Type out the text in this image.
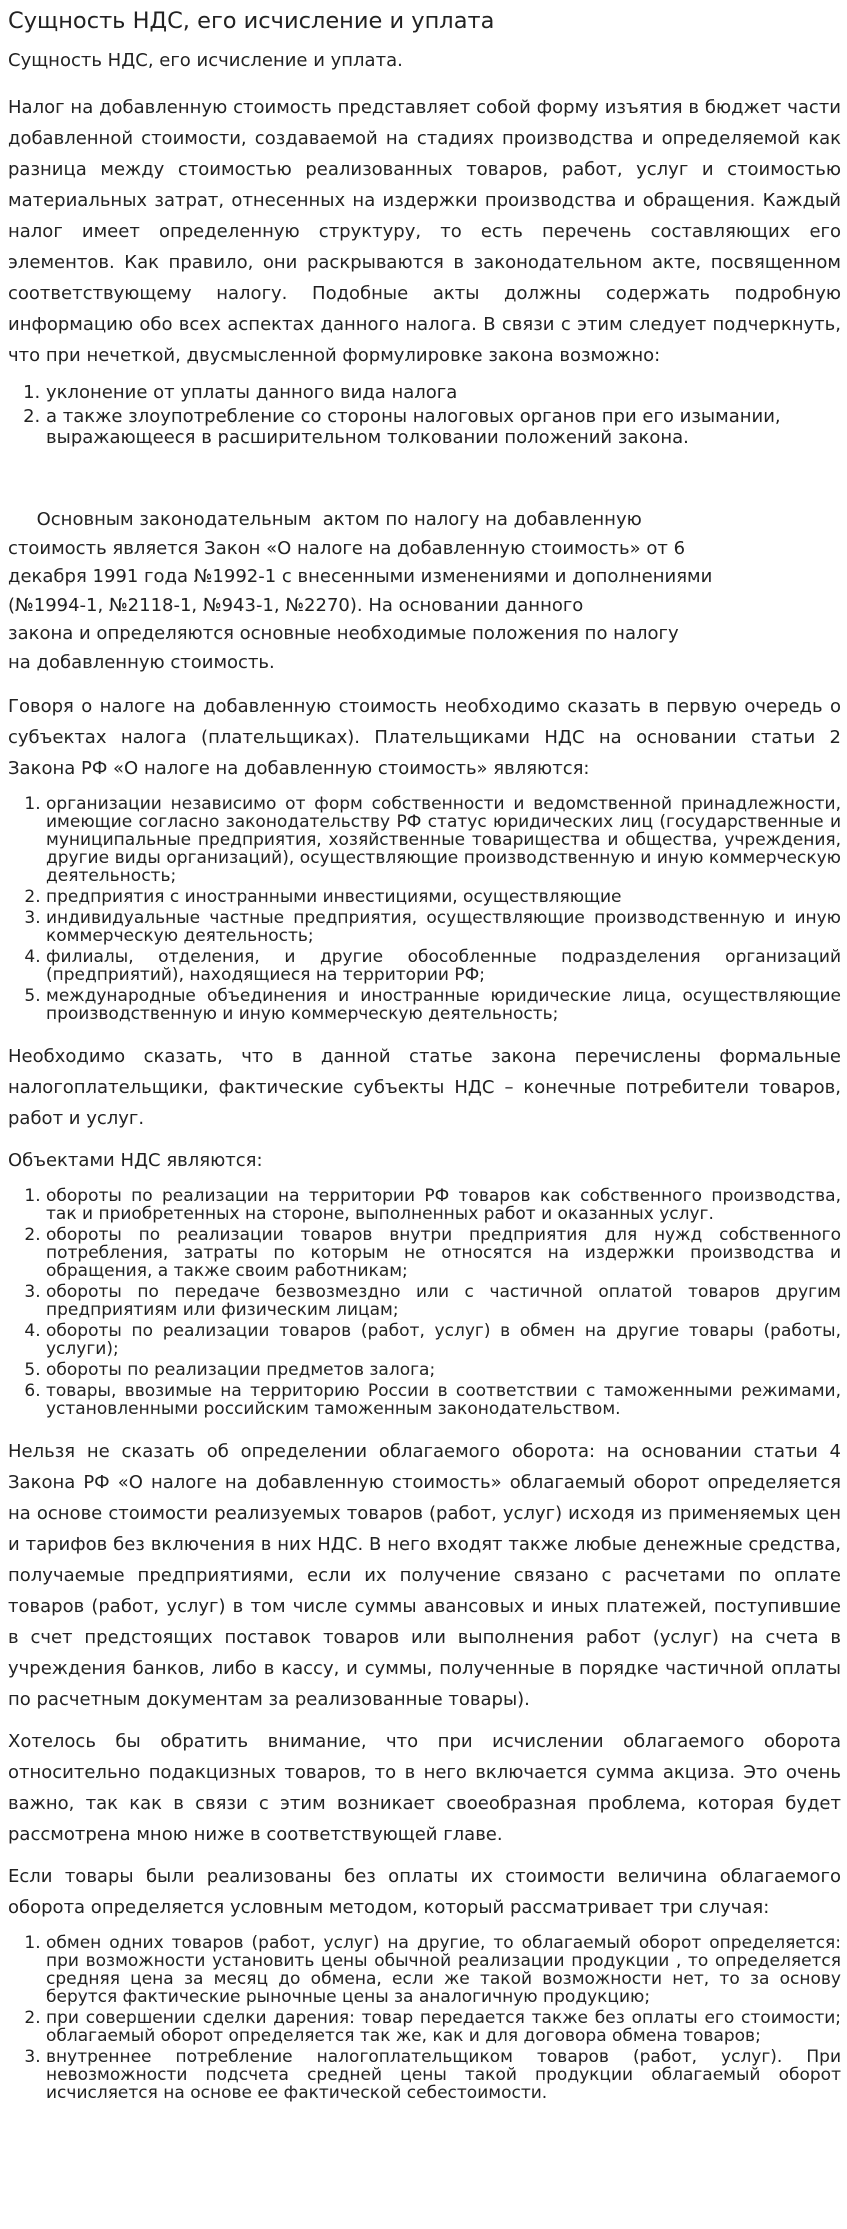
Сущность НДС, его исчисление и уплата
Сущность НДС, его исчисление и уплата.

Налог на добавленную стоимость представляет собой форму изъятия в бюджет части добавленной стоимости, создаваемой на стадиях производства и определяемой как разница между стоимостью реализованных товаров, работ, услуг и стоимостью материальных затрат, отнесенных на издержки производства и обращения. Каждый налог имеет определенную структуру, то есть перечень составляющих его элементов. Как правило, они раскрываются в законодательном акте, посвященном соответствующему налогу. Подобные акты должны содержать подробную информацию обо всех аспектах данного налога. В связи с этим следует подчеркнуть, что при нечеткой, двусмысленной формулировке закона возможно:

1. уклонение от уплаты данного вида налога
2. а также злоупотребление со стороны налоговых органов при его изымании, выражающееся в расширительном толковании положений закона.

Основным законодательным  актом по налогу на добавленную
стоимость является Закон «О налоге на добавленную стоимость» от 6
декабря 1991 года №1992-1 с внесенными изменениями и дополнениями
(№1994-1, №2118-1, №943-1, №2270). На основании данного
закона и определяются основные необходимые положения по налогу
на добавленную стоимость.

Говоря о налоге на добавленную стоимость необходимо сказать в первую очередь о субъектах налога (плательщиках). Плательщиками НДС на основании статьи 2 Закона РФ «О налоге на добавленную стоимость» являются:

1. организации независимо от форм собственности и ведомственной принадлежности, имеющие согласно законодательству РФ статус юридических лиц (государственные и муниципальные предприятия, хозяйственные товарищества и общества, учреждения, другие виды организаций), осуществляющие производственную и иную коммерческую деятельность;
2. предприятия с иностранными инвестициями, осуществляющие
3. индивидуальные частные предприятия, осуществляющие производственную и иную коммерческую деятельность;
4. филиалы, отделения, и другие обособленные подразделения организаций (предприятий), находящиеся на территории РФ;
5. международные объединения и иностранные юридические лица, осуществляющие производственную и иную коммерческую деятельность;

Необходимо сказать, что в данной статье закона перечислены формальные налогоплательщики, фактические субъекты НДС – конечные потребители товаров, работ и услуг.

Объектами НДС являются:

1. обороты по реализации на территории РФ товаров как собственного производства, так и приобретенных на стороне, выполненных работ и оказанных услуг.
2. обороты по реализации товаров внутри предприятия для нужд собственного потребления, затраты по которым не относятся на издержки производства и обращения, а также своим работникам;
3. обороты по передаче безвозмездно или с частичной оплатой товаров другим предприятиям или физическим лицам;
4. обороты по реализации товаров (работ, услуг) в обмен на другие товары (работы, услуги);
5. обороты по реализации предметов залога;
6. товары, ввозимые на территорию России в соответствии с таможенными режимами, установленными российским таможенным законодательством.

Нельзя не сказать об определении облагаемого оборота: на основании статьи 4 Закона РФ «О налоге на добавленную стоимость» облагаемый оборот определяется на основе стоимости реализуемых товаров (работ, услуг) исходя из применяемых цен и тарифов без включения в них НДС. В него входят также любые денежные средства, получаемые предприятиями, если их получение связано с расчетами по оплате товаров (работ, услуг) в том числе суммы авансовых и иных платежей, поступившие в счет предстоящих поставок товаров или выполнения работ (услуг) на счета в учреждения банков, либо в кассу, и суммы, полученные в порядке частичной оплаты по расчетным документам за реализованные товары).

Хотелось бы обратить внимание, что при исчислении облагаемого оборота относительно подакцизных товаров, то в него включается сумма акциза. Это очень важно, так как в связи с этим возникает своеобразная проблема, которая будет рассмотрена мною ниже в соответствующей главе.

Если товары были реализованы без оплаты их стоимости величина облагаемого оборота определяется условным методом, который рассматривает три случая:

1. обмен одних товаров (работ, услуг) на другие, то облагаемый оборот определяется: при возможности установить цены обычной реализации продукции , то определяется средняя цена за месяц до обмена, если же такой возможности нет, то за основу берутся фактические рыночные цены за аналогичную продукцию;
2. при совершении сделки дарения: товар передается также без оплаты его стоимости; облагаемый оборот определяется так же, как и для договора обмена товаров;
3. внутреннее потребление налогоплательщиком товаров (работ, услуг). При невозможности подсчета средней цены такой продукции облагаемый оборот исчисляется на основе ее фактической себестоимости.
